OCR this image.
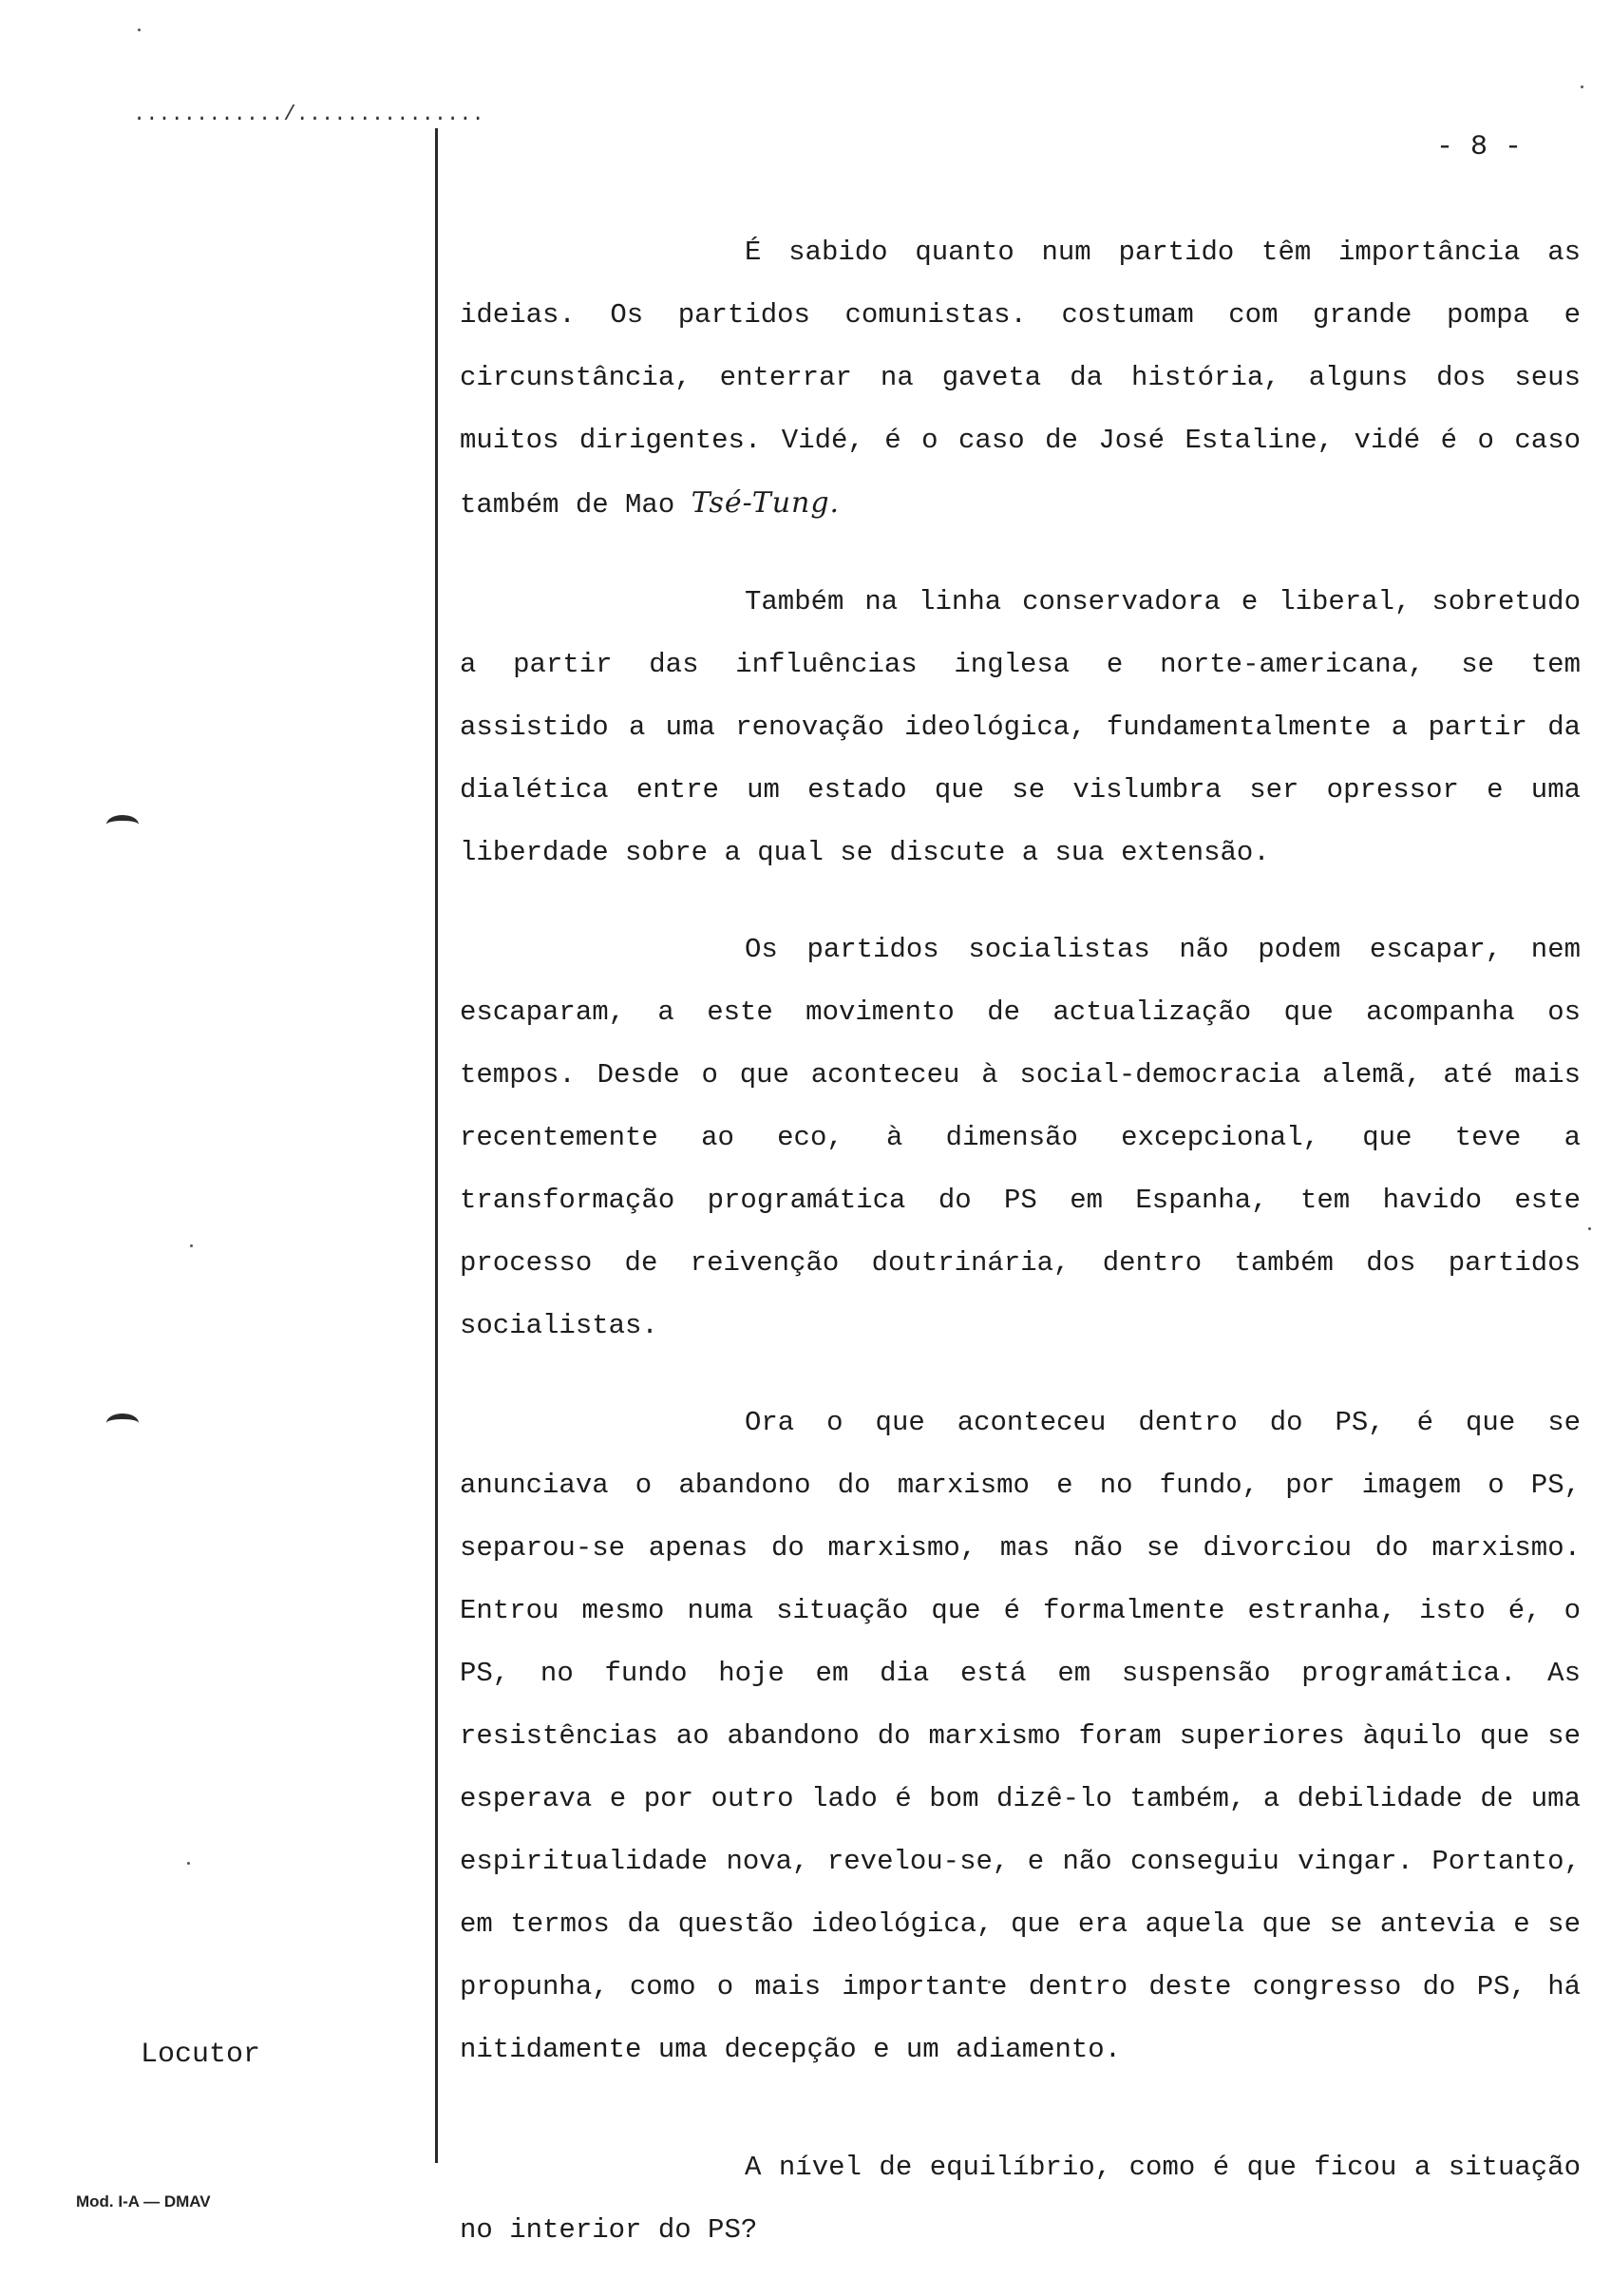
............/...............
- 8 -

É sabido quanto num partido têm importância as ideias. Os partidos comunistas. costumam com grande pompa e circunstância, enterrar na gaveta da história, alguns dos seus muitos dirigentes. Vidé, é o caso de José Estaline, vidé é o caso também de Mao Tsé-Tung.

Também na linha conservadora e liberal, sobretudo a partir das influências inglesa e norte-americana, se tem assistido a uma renovação ideológica, fundamentalmente a partir da dialética entre um estado que se vislumbra ser opressor e uma liberdade sobre a qual se discute a sua extensão.

Os partidos socialistas não podem escapar, nem escaparam, a este movimento de actualização que acompanha os tempos. Desde o que aconteceu à social-democracia alemã, até mais recentemente ao eco, à dimensão excepcional, que teve a transformação programática do PS em Espanha, tem havido este processo de reivenção doutrinária, dentro também dos partidos socialistas.

Ora o que aconteceu dentro do PS, é que se anunciava o abandono do marxismo e no fundo, por imagem o PS, separou-se apenas do marxismo, mas não se divorciou do marxismo. Entrou mesmo numa situação que é formalmente estranha, isto é, o PS, no fundo hoje em dia está em suspensão programática. As resistências ao abandono do marxismo foram superiores àquilo que se esperava e por outro lado é bom dizê-lo também, a debilidade de uma espiritualidade nova, revelou-se, e não conseguiu vingar. Portanto, em termos da questão ideológica, que era aquela que se antevia e se propunha, como o mais importante dentro deste congresso do PS, há nitidamente uma decepção e um adiamento.

A nível de equilíbrio, como é que ficou a situação no interior do PS?

Locutor
Mod. I-A — DMAV
